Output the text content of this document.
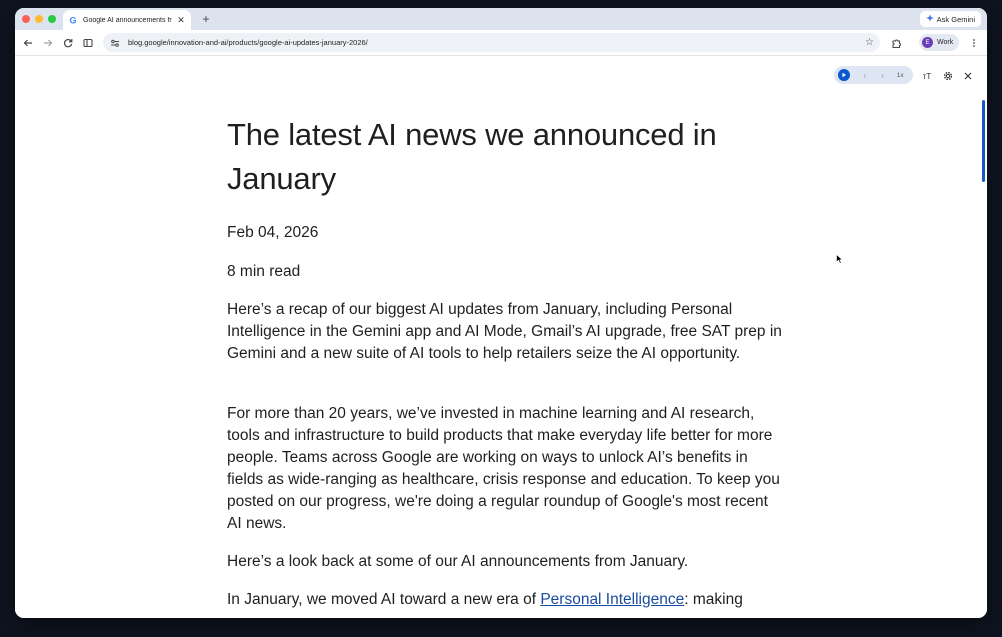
G Google AI announcements fr ✕ +	Ask Gemini
blog.google/innovation-and-ai/products/google-ai-updates-january-2026/	☆	E	Work
‹	›	1x	тT
The latest AI news we announced in January
Feb 04, 2026
8 min read

Here’s a recap of our biggest AI updates from January, including Personal Intelligence in the Gemini app and AI Mode, Gmail’s AI upgrade, free SAT prep in Gemini and a new suite of AI tools to help retailers seize the AI opportunity.

For more than 20 years, we’ve invested in machine learning and AI research, tools and infrastructure to build products that make everyday life better for more people. Teams across Google are working on ways to unlock AI’s benefits in fields as wide-ranging as healthcare, crisis response and education. To keep you posted on our progress, we're doing a regular roundup of Google's most recent AI news.

Here’s a look back at some of our AI announcements from January.

In January, we moved AI toward a new era of Personal Intelligence: making
